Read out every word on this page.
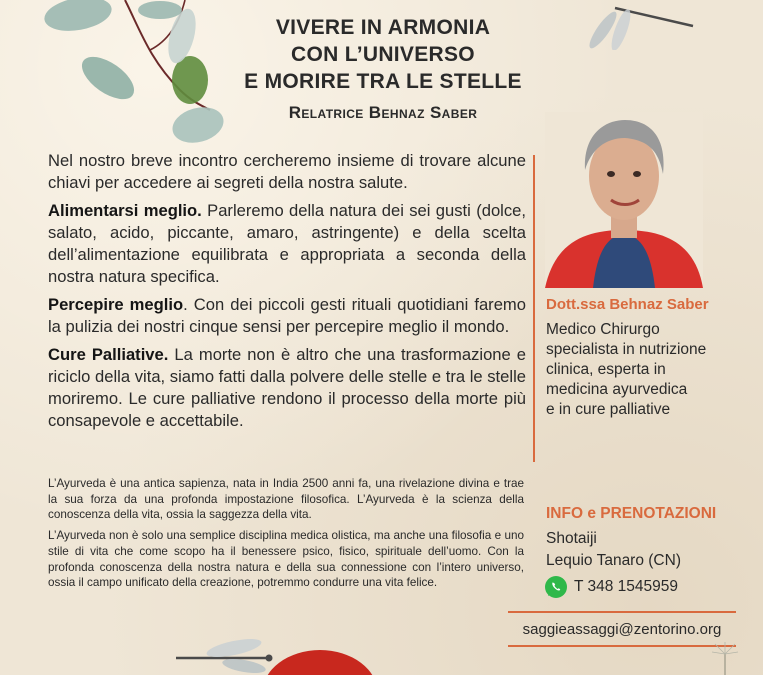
VIVERE IN ARMONIA
CON L’UNIVERSO
E MORIRE TRA LE STELLE
Relatrice Behnaz Saber

Nel nostro breve incontro cercheremo insieme di trovare alcune chiavi per accedere ai segreti della nostra salute.

Alimentarsi meglio. Parleremo della natura dei sei gusti (dolce, salato, acido, piccante, amaro, astringente) e della scelta dell’alimentazione equilibrata e appropriata a seconda della nostra natura specifica.

Percepire meglio. Con dei piccoli gesti rituali quotidiani faremo la pulizia dei nostri cinque sensi per percepire meglio il mondo.

Cure Palliative. La morte non è altro che una trasformazione e riciclo della vita, siamo fatti dalla polvere delle stelle e tra le stelle moriremo. Le cure palliative rendono il processo della morte più consapevole e accettabile.

L’Ayurveda è una antica sapienza, nata in India 2500 anni fa, una rivelazione divina e trae la sua forza da una profonda impostazione filosofica. L’Ayurveda è la scienza della conoscenza della vita, ossia la saggezza della vita.

L’Ayurveda non è solo una semplice disciplina medica olistica, ma anche una filosofia e uno stile di vita che come scopo ha il benessere psico, fisico, spirituale dell’uomo. Con la profonda conoscenza della nostra natura e della sua connessione con l’intero universo, ossia il campo unificato della creazione, potremmo condurre una vita felice.

Dott.ssa Behnaz Saber
Medico Chirurgo
specialista in nutrizione
clinica, esperta in
medicina ayurvedica
e in cure palliative
INFO e PRENOTAZIONI
Shotaiji
Lequio Tanaro (CN)
T 348 1545959
saggieassaggi@zentorino.org
